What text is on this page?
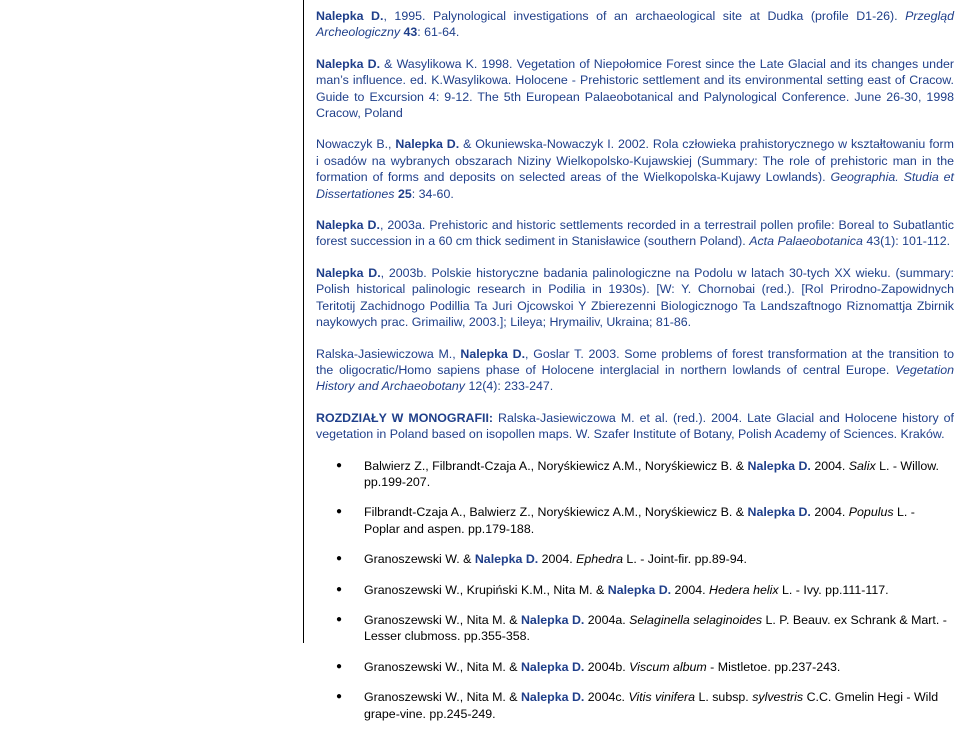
Nalepka D., 1995. Palynological investigations of an archaeological site at Dudka (profile D1-26). Przegląd Archeologiczny 43: 61-64.

Nalepka D. & Wasylikowa K. 1998. Vegetation of Niepołomice Forest since the Late Glacial and its changes under man’s influence. ed. K.Wasylikowa. Holocene - Prehistoric settlement and its environmental setting east of Cracow. Guide to Excursion 4: 9-12. The 5th European Palaeobotanical and Palynological Conference. June 26-30, 1998 Cracow, Poland

Nowaczyk B., Nalepka D. & Okuniewska-Nowaczyk I. 2002. Rola człowieka prahistorycznego w kształtowaniu form i osadów na wybranych obszarach Niziny Wielkopolsko-Kujawskiej (Summary: The role of prehistoric man in the formation of forms and deposits on selected areas of the Wielkopolska-Kujawy Lowlands). Geographia. Studia et Dissertationes 25: 34-60.

Nalepka D., 2003a. Prehistoric and historic settlements recorded in a terrestrail pollen profile: Boreal to Subatlantic forest succession in a 60 cm thick sediment in Stanisławice (southern Poland). Acta Palaeobotanica 43(1): 101-112.

Nalepka D., 2003b. Polskie historyczne badania palinologiczne na Podolu w latach 30-tych XX wieku. (summary: Polish historical palinologic research in Podilia in 1930s). [W: Y. Chornobai (red.). [Rol Prirodno-Zapowidnych Teritotij Zachidnogo Podillia Ta Juri Ojcowskoi Y Zbierezenni Biologicznogo Ta Landszaftnogo Riznomattja Zbirnik naykowych prac. Grimailiw, 2003.]; Lileya; Hrymailiv, Ukraina; 81-86.

Ralska-Jasiewiczowa M., Nalepka D., Goslar T. 2003. Some problems of forest transformation at the transition to the oligocratic/Homo sapiens phase of Holocene interglacial in northern lowlands of central Europe. Vegetation History and Archaeobotany 12(4): 233-247.

ROZDZIAŁY W MONOGRAFII: Ralska-Jasiewiczowa M. et al. (red.). 2004. Late Glacial and Holocene history of vegetation in Poland based on isopollen maps. W. Szafer Institute of Botany, Polish Academy of Sciences. Kraków.

● Balwierz Z., Filbrandt-Czaja A., Noryśkiewicz A.M., Noryśkiewicz B. & Nalepka D. 2004. Salix L. - Willow. pp.199-207.
● Filbrandt-Czaja A., Balwierz Z., Noryśkiewicz A.M., Noryśkiewicz B. & Nalepka D. 2004. Populus L. - Poplar and aspen. pp.179-188.
● Granoszewski W. & Nalepka D. 2004. Ephedra L. - Joint-fir. pp.89-94.
● Granoszewski W., Krupiński K.M., Nita M. & Nalepka D. 2004. Hedera helix L. - Ivy. pp.111-117.
● Granoszewski W., Nita M. & Nalepka D. 2004a. Selaginella selaginoides L. P. Beauv. ex Schrank & Mart. - Lesser clubmoss. pp.355-358.
● Granoszewski W., Nita M. & Nalepka D. 2004b. Viscum album - Mistletoe. pp.237-243.
● Granoszewski W., Nita M. & Nalepka D. 2004c. Vitis vinifera L. subsp. sylvestris C.C. Gmelin Hegi - Wild grape-vine. pp.245-249.
